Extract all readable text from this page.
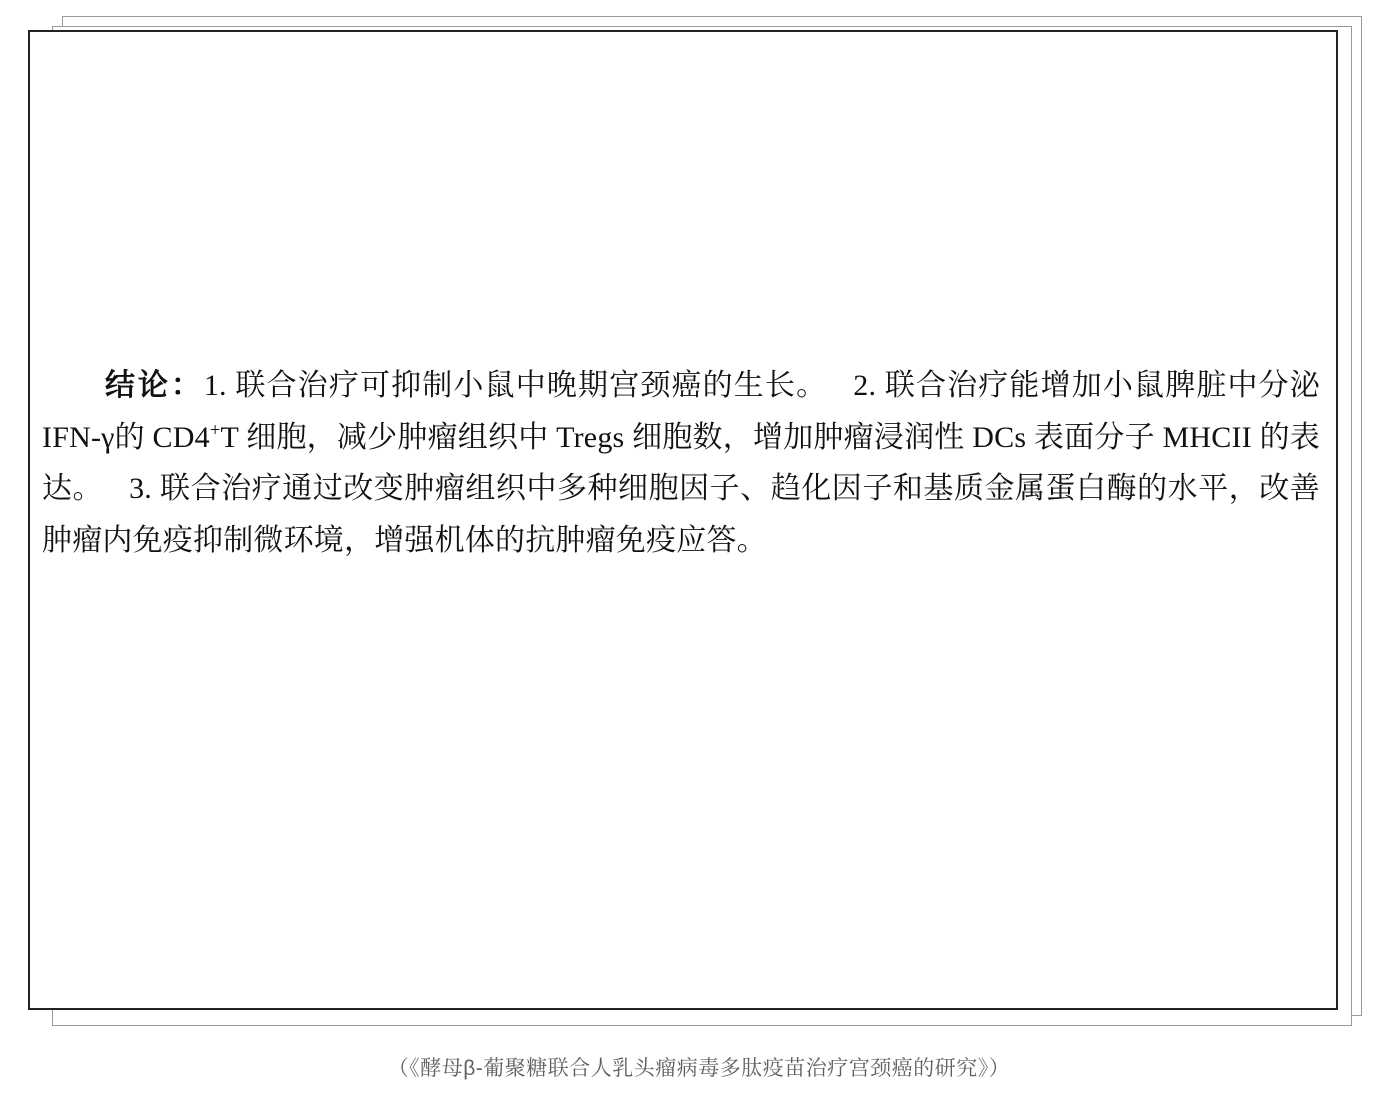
结论：1. 联合治疗可抑制小鼠中晚期宫颈癌的生长。 2. 联合治疗能增加小鼠脾脏中分泌 IFN-γ的 CD4+T 细胞，减少肿瘤组织中 Tregs 细胞数，增加肿瘤浸润性 DCs 表面分子 MHCII 的表达。 3. 联合治疗通过改变肿瘤组织中多种细胞因子、趋化因子和基质金属蛋白酶的水平，改善肿瘤内免疫抑制微环境，增强机体的抗肿瘤免疫应答。

（《酵母β-葡聚糖联合人乳头瘤病毒多肽疫苗治疗宫颈癌的研究》）
